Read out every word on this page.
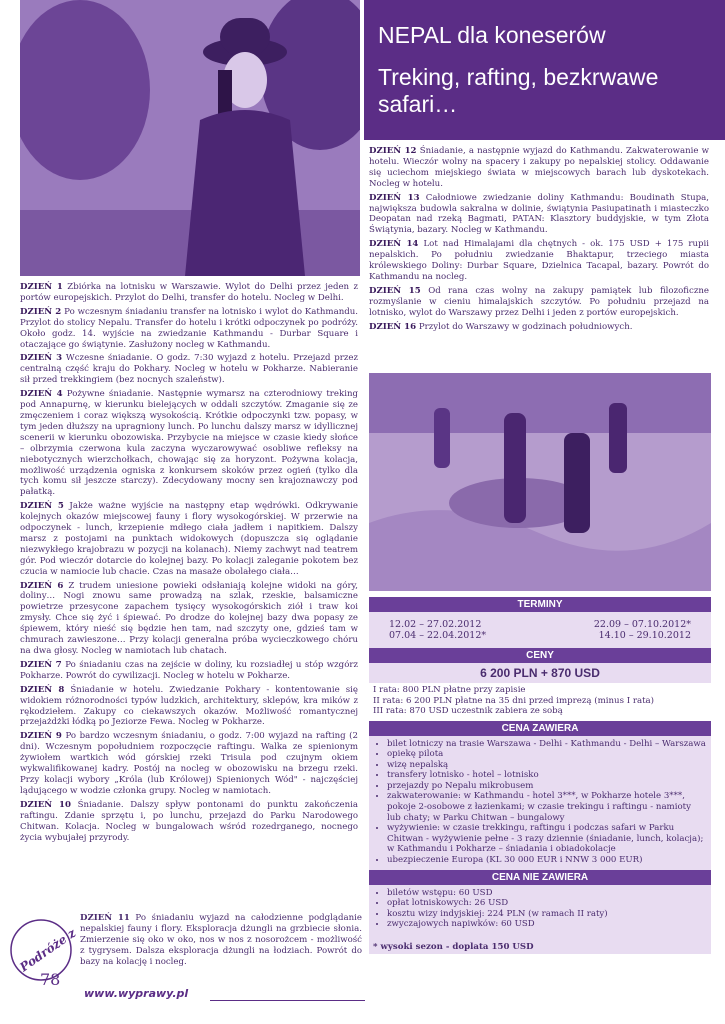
NEPAL dla koneserów
Treking, rafting, bezkrwawe safari…

DZIEŃ 1 Zbiórka na lotnisku w Warszawie. Wylot do Delhi przez jeden z portów europejskich. Przylot do Delhi, transfer do hotelu. Nocleg w Delhi.

DZIEŃ 2 Po wczesnym śniadaniu transfer na lotnisko i wylot do Kathmandu. Przylot do stolicy Nepalu. Transfer do hotelu i krótki odpoczynek po podróży. Około godz. 14. wyjście na zwiedzanie Kathmandu - Durbar Square i otaczające go świątynie. Zasłużony nocleg w Kathmandu.

DZIEŃ 3 Wczesne śniadanie. O godz. 7:30 wyjazd z hotelu. Przejazd przez centralną część kraju do Pokhary. Nocleg w hotelu w Pokharze. Nabieranie sił przed trekkingiem (bez nocnych szaleństw).

DZIEŃ 4 Pożywne śniadanie. Następnie wymarsz na czterodniowy treking pod Annapurnę, w kierunku bielejących w oddali szczytów. Zmaganie się ze zmęczeniem i coraz większą wysokością. Krótkie odpoczynki tzw. popasy, w tym jeden dłuższy na upragniony lunch. Po lunchu dalszy marsz w idyllicznej scenerii w kierunku obozowiska. Przybycie na miejsce w czasie kiedy słońce – olbrzymia czerwona kula zaczyna wyczarowywać osobliwe refleksy na niebotycznych wierzchołkach, chowając się za horyzont. Pożywna kolacja, możliwość urządzenia ogniska z konkursem skoków przez ogień (tylko dla tych komu sił jeszcze starczy). Zdecydowany mocny sen krajoznawczy pod pałatką.

DZIEŃ 5 Jakże ważne wyjście na następny etap wędrówki. Odkrywanie kolejnych okazów miejscowej fauny i flory wysokogórskiej. W przerwie na odpoczynek - lunch, krzepienie mdłego ciała jadłem i napitkiem. Dalszy marsz z postojami na punktach widokowych (dopuszcza się oglądanie niezwykłego krajobrazu w pozycji na kolanach). Niemy zachwyt nad teatrem gór. Pod wieczór dotarcie do kolejnej bazy. Po kolacji zaleganie pokotem bez czucia w namiocie lub chacie. Czas na masaże obolałego ciała…

DZIEŃ 6 Z trudem uniesione powieki odsłaniają kolejne widoki na góry, doliny… Nogi znowu same prowadzą na szlak, rzeskie, balsamiczne powietrze przesycone zapachem tysięcy wysokogórskich ziół i traw koi zmysły. Chce się żyć i śpiewać. Po drodze do kolejnej bazy dwa popasy ze śpiewem, który nieść się będzie hen tam, nad szczyty one, gdzieś tam w chmurach zawieszone… Przy kolacji generalna próba wycieczkowego chóru na dwa głosy. Nocleg w namiotach lub chatach.

DZIEŃ 7 Po śniadaniu czas na zejście w doliny, ku rozsiadłej u stóp wzgórz Pokharze. Powrót do cywilizacji. Nocleg w hotelu w Pokharze.

DZIEŃ 8 Śniadanie w hotelu. Zwiedzanie Pokhary - kontentowanie się widokiem różnorodności typów ludzkich, architektury, sklepów, kra mików z rękodziełem. Zakupy co ciekawszych okazów. Możliwość romantycznej przejażdżki łódką po Jeziorze Fewa. Nocleg w Pokharze.

DZIEŃ 9 Po bardzo wczesnym śniadaniu, o godz. 7:00 wyjazd na rafting (2 dni). Wczesnym popołudniem rozpoczęcie raftingu. Walka ze spienionym żywiołem wartkich wód górskiej rzeki Trisula pod czujnym okiem wykwalifikowanej kadry. Postój na nocleg w obozowisku na brzegu rzeki. Przy kolacji wybory „Króla (lub Królowej) Spienionych Wód" - najczęściej lądującego w wodzie członka grupy. Nocleg w namiotach.

DZIEŃ 10 Śniadanie. Dalszy spływ pontonami do punktu zakończenia raftingu. Zdanie sprzętu i, po lunchu, przejazd do Parku Narodowego Chitwan. Kolacja. Nocleg w bungalowach wśród rozedrganego, nocnego życia wybujałej przyrody.

DZIEŃ 11 Po śniadaniu wyjazd na całodzienne podglądanie nepalskiej fauny i flory. Eksploracja dżungli na grzbiecie słonia. Zmierzenie się oko w oko, nos w nos z nosorożcem - możliwość z tygrysem. Dalsza eksploracja dżungli na łodziach. Powrót do bazy na kolację i nocleg.

DZIEŃ 12 Śniadanie, a następnie wyjazd do Kathmandu. Zakwaterowanie w hotelu. Wieczór wolny na spacery i zakupy po nepalskiej stolicy. Oddawanie się uciechom miejskiego świata w miejscowych barach lub dyskotekach. Nocleg w hotelu.

DZIEŃ 13 Całodniowe zwiedzanie doliny Kathmandu: Boudinath Stupa, największa budowla sakralna w dolinie, świątynia Pasiupatinath i miasteczko Deopatan nad rzeką Bagmati, PATAN: Klasztory buddyjskie, w tym Złota Świątynia, bazary. Nocleg w Kathmandu.

DZIEŃ 14 Lot nad Himalajami dla chętnych - ok. 175 USD + 175 rupii nepalskich. Po południu zwiedzanie Bhaktapur, trzeciego miasta królewskiego Doliny: Durbar Square, Dzielnica Tacapal, bazary. Powrót do Kathmandu na nocleg.

DZIEŃ 15 Od rana czas wolny na zakupy pamiątek lub filozoficzne rozmyślanie w cieniu himalajskich szczytów. Po południu przejazd na lotnisko, wylot do Warszawy przez Delhi i jeden z portów europejskich.

DZIEŃ 16 Przylot do Warszawy w godzinach południowych.

TERMINY
12.02 – 27.02.2012
07.04 – 22.04.2012*
22.09 – 07.10.2012*
14.10 – 29.10.2012
CENY
6 200 PLN + 870 USD
I rata: 800 PLN płatne przy zapisie
II rata: 6 200 PLN płatne na 35 dni przed imprezą (minus I rata)
III rata: 870 USD uczestnik zabiera ze sobą
CENA ZAWIERA
• bilet lotniczy na trasie Warszawa - Delhi - Kathmandu - Delhi – Warszawa
• opiekę pilota
• wizę nepalską
• transfery lotnisko - hotel – lotnisko
• przejazdy po Nepalu mikrobusem
• zakwaterowanie: w Kathmandu - hotel 3***, w Pokharze hotele 3***, pokoje 2-osobowe z łazienkami; w czasie trekingu i raftingu - namioty lub chaty; w Parku Chitwan – bungalowy
• wyżywienie: w czasie trekkingu, raftingu i podczas safari w Parku Chitwan - wyżywienie pełne - 3 razy dziennie (śniadanie, lunch, kolacja); w Kathmandu i Pokharze – śniadania i obiadokolacje
• ubezpieczenie Europa (KL 30 000 EUR i NNW 3 000 EUR)
CENA NIE ZAWIERA
• biletów wstępu: 60 USD
• opłat lotniskowych: 26 USD
• kosztu wizy indyjskiej: 224 PLN (w ramach II raty)
• zwyczajowych napiwków: 60 USD
* wysoki sezon - doplata 150 USD
Podróże z pasją!
78
www.wyprawy.pl
